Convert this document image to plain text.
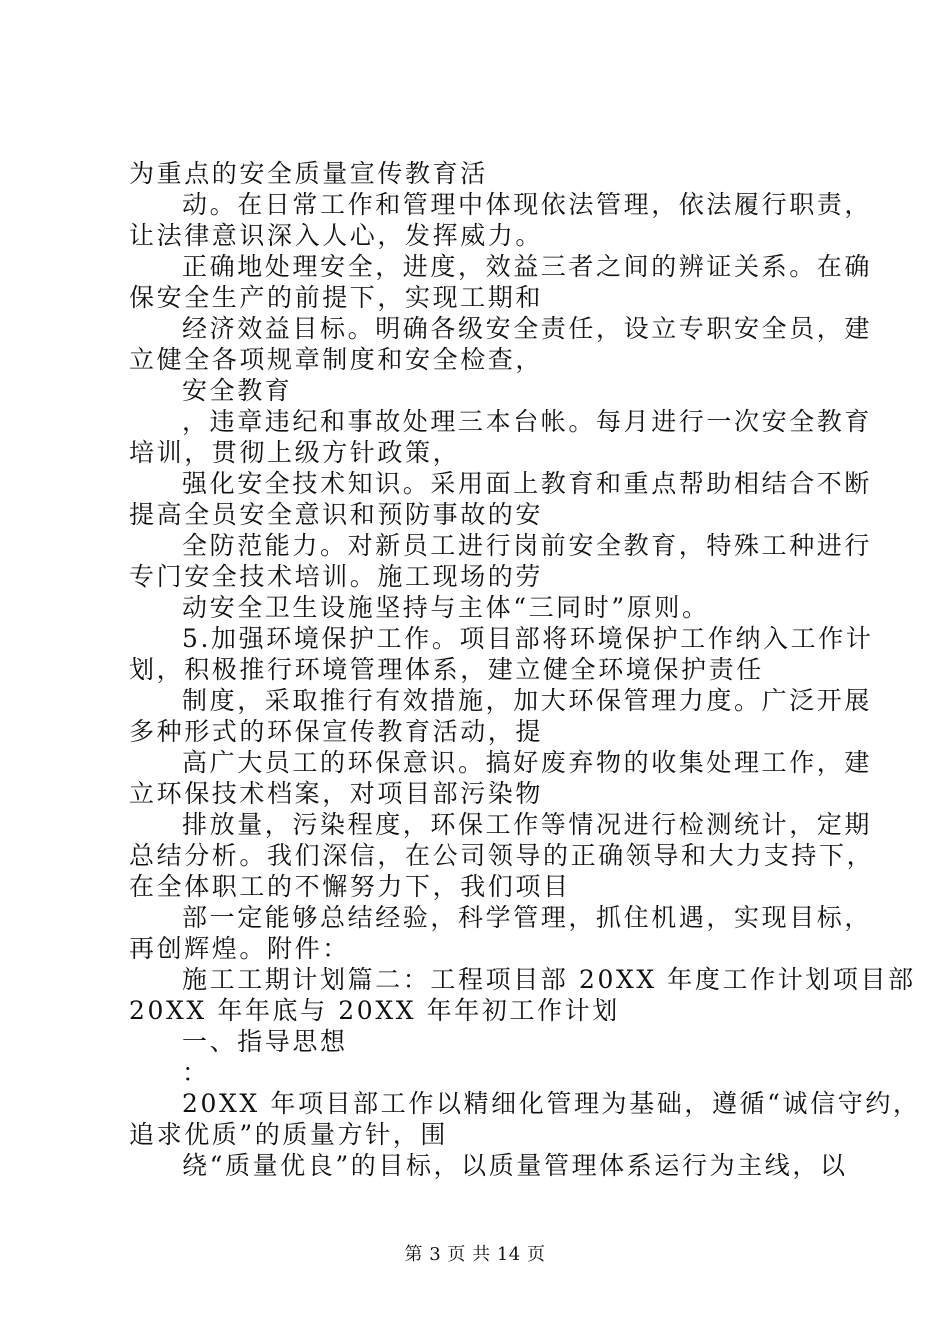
为重点的安全质量宣传教育活

动。在日常工作和管理中体现依法管理，依法履行职责，

让法律意识深入人心，发挥威力。

正确地处理安全，进度，效益三者之间的辨证关系。在确

保安全生产的前提下，实现工期和

经济效益目标。明确各级安全责任，设立专职安全员，建

立健全各项规章制度和安全检查，

安全教育

，违章违纪和事故处理三本台帐。每月进行一次安全教育

培训，贯彻上级方针政策，

强化安全技术知识。采用面上教育和重点帮助相结合不断

提高全员安全意识和预防事故的安

全防范能力。对新员工进行岗前安全教育，特殊工种进行

专门安全技术培训。施工现场的劳

动安全卫生设施坚持与主体“三同时”原则。

5.加强环境保护工作。项目部将环境保护工作纳入工作计

划，积极推行环境管理体系，建立健全环境保护责任

制度，采取推行有效措施，加大环保管理力度。广泛开展

多种形式的环保宣传教育活动，提

高广大员工的环保意识。搞好废弃物的收集处理工作，建

立环保技术档案，对项目部污染物

排放量，污染程度，环保工作等情况进行检测统计，定期

总结分析。我们深信，在公司领导的正确领导和大力支持下，

在全体职工的不懈努力下，我们项目

部一定能够总结经验，科学管理，抓住机遇，实现目标，

再创辉煌。附件：

施工工期计划篇二：工程项目部 20XX 年度工作计划项目部

20XX 年年底与 20XX 年年初工作计划

一、指导思想

：

20XX 年项目部工作以精细化管理为基础，遵循“诚信守约，

追求优质”的质量方针，围

绕“质量优良”的目标，以质量管理体系运行为主线，以

第 3 页 共 14 页
